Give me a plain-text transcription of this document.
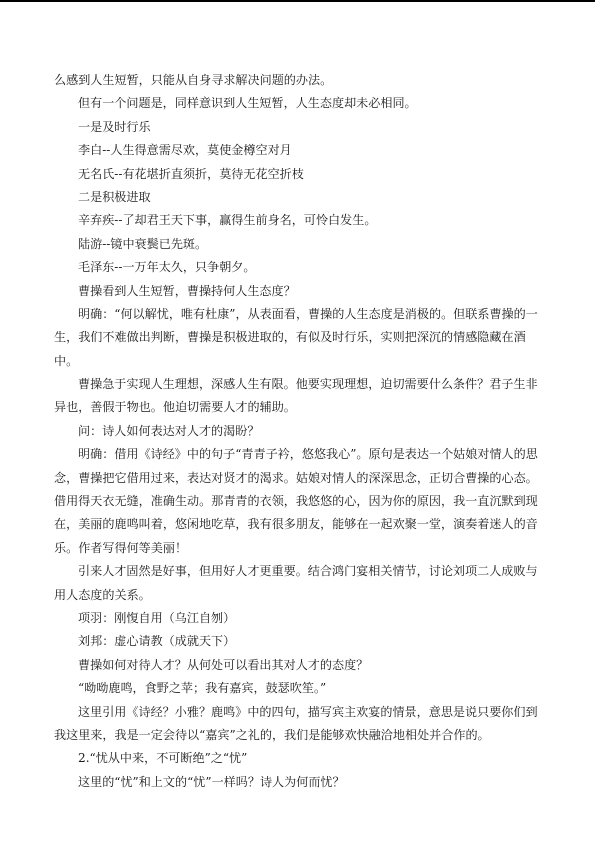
么感到人生短暂，只能从自身寻求解决问题的办法。
但有一个问题是，同样意识到人生短暂，人生态度却未必相同。
一是及时行乐
李白--人生得意需尽欢，莫使金樽空对月
无名氏--有花堪折直须折，莫待无花空折枝
二是积极进取
辛弃疾--了却君王天下事，赢得生前身名，可怜白发生。
陆游--镜中衰鬓已先斑。
毛泽东--一万年太久，只争朝夕。
曹操看到人生短暂，曹操持何人生态度？
明确：“何以解忧，唯有杜康”，从表面看，曹操的人生态度是消极的。但联系曹操的一
生，我们不难做出判断，曹操是积极进取的，有似及时行乐，实则把深沉的情感隐藏在酒
中。
曹操急于实现人生理想，深感人生有限。他要实现理想，迫切需要什么条件？君子生非
异也，善假于物也。他迫切需要人才的辅助。
问：诗人如何表达对人才的渴盼？
明确：借用《诗经》中的句子“青青子衿，悠悠我心”。原句是表达一个姑娘对情人的思
念，曹操把它借用过来，表达对贤才的渴求。姑娘对情人的深深思念，正切合曹操的心态。
借用得天衣无缝，准确生动。那青青的衣领，我悠悠的心，因为你的原因，我一直沉默到现
在，美丽的鹿鸣叫着，悠闲地吃草，我有很多朋友，能够在一起欢聚一堂，演奏着迷人的音
乐。作者写得何等美丽！
引来人才固然是好事，但用好人才更重要。结合鸿门宴相关情节，讨论刘项二人成败与
用人态度的关系。
项羽：刚愎自用（乌江自刎）
刘邦：虚心请教（成就天下）
曹操如何对待人才？从何处可以看出其对人才的态度？
“呦呦鹿鸣，食野之苹；我有嘉宾，鼓瑟吹笙。”
这里引用《诗经？小雅？鹿鸣》中的四句，描写宾主欢宴的情景，意思是说只要你们到
我这里来，我是一定会待以“嘉宾”之礼的，我们是能够欢快融洽地相处并合作的。
2.“忧从中来，不可断绝”之“忧”
这里的“忧”和上文的“忧”一样吗？诗人为何而忧？
